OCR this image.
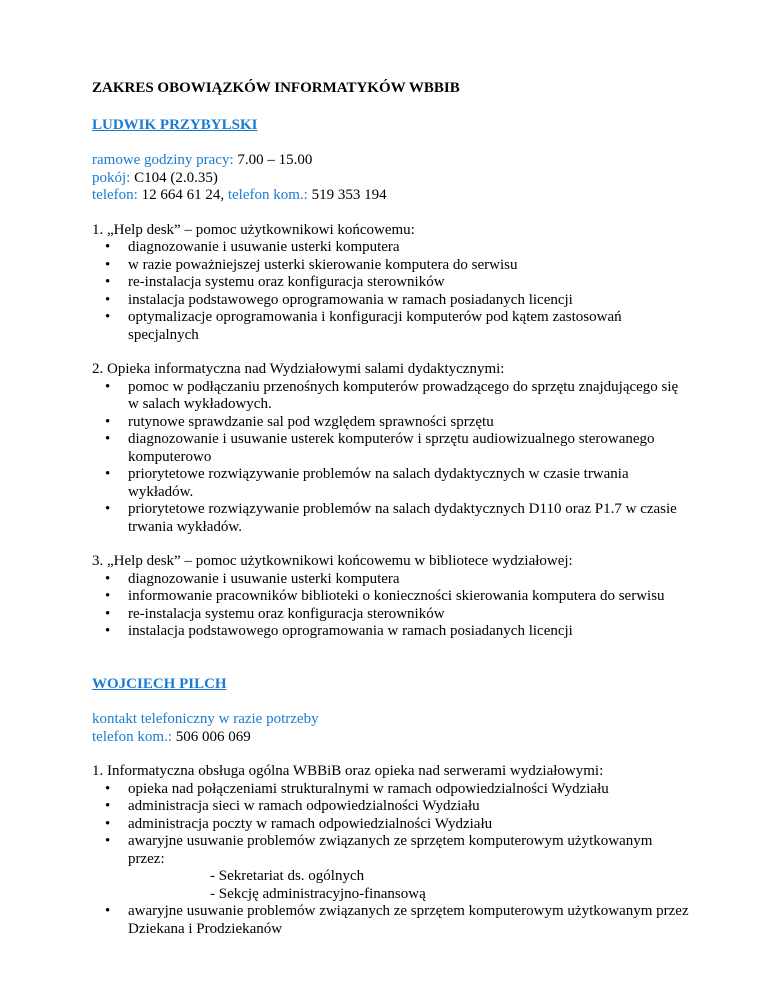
ZAKRES OBOWIĄZKÓW INFORMATYKÓW WBBIB

LUDWIK PRZYBYLSKI

ramowe godziny pracy: 7.00 – 15.00
pokój: C104 (2.0.35)
telefon: 12 664 61 24, telefon kom.: 519 353 194

1. „Help desk” – pomoc użytkownikowi końcowemu:

• diagnozowanie i usuwanie usterki komputera
• w razie poważniejszej usterki skierowanie komputera do serwisu
• re-instalacja systemu oraz konfiguracja sterowników
• instalacja podstawowego oprogramowania w ramach posiadanych licencji
• optymalizacje oprogramowania i konfiguracji komputerów pod kątem zastosowań specjalnych

2. Opieka informatyczna nad Wydziałowymi salami dydaktycznymi:

• pomoc w podłączaniu przenośnych komputerów prowadzącego do sprzętu znajdującego się w salach wykładowych.
• rutynowe sprawdzanie sal pod względem sprawności sprzętu
• diagnozowanie i usuwanie usterek komputerów i sprzętu audiowizualnego sterowanego komputerowo
• priorytetowe rozwiązywanie problemów na salach dydaktycznych w czasie trwania wykładów.
• priorytetowe rozwiązywanie problemów na salach dydaktycznych D110 oraz P1.7 w czasie trwania wykładów.

3. „Help desk” – pomoc użytkownikowi końcowemu w bibliotece wydziałowej:

• diagnozowanie i usuwanie usterki komputera
• informowanie pracowników biblioteki o konieczności skierowania komputera do serwisu
• re-instalacja systemu oraz konfiguracja sterowników
• instalacja podstawowego oprogramowania w ramach posiadanych licencji

WOJCIECH PILCH

kontakt telefoniczny w razie potrzeby
telefon kom.: 506 006 069

1. Informatyczna obsługa ogólna WBBiB oraz opieka nad serwerami wydziałowymi:

• opieka nad połączeniami strukturalnymi w ramach odpowiedzialności Wydziału
• administracja sieci w ramach odpowiedzialności Wydziału
• administracja poczty w ramach odpowiedzialności Wydziału
• awaryjne usuwanie problemów związanych ze sprzętem komputerowym użytkowanym przez:
- Sekretariat ds. ogólnych
- Sekcję administracyjno-finansową
• awaryjne usuwanie problemów związanych ze sprzętem komputerowym użytkowanym przez Dziekana i Prodziekanów
